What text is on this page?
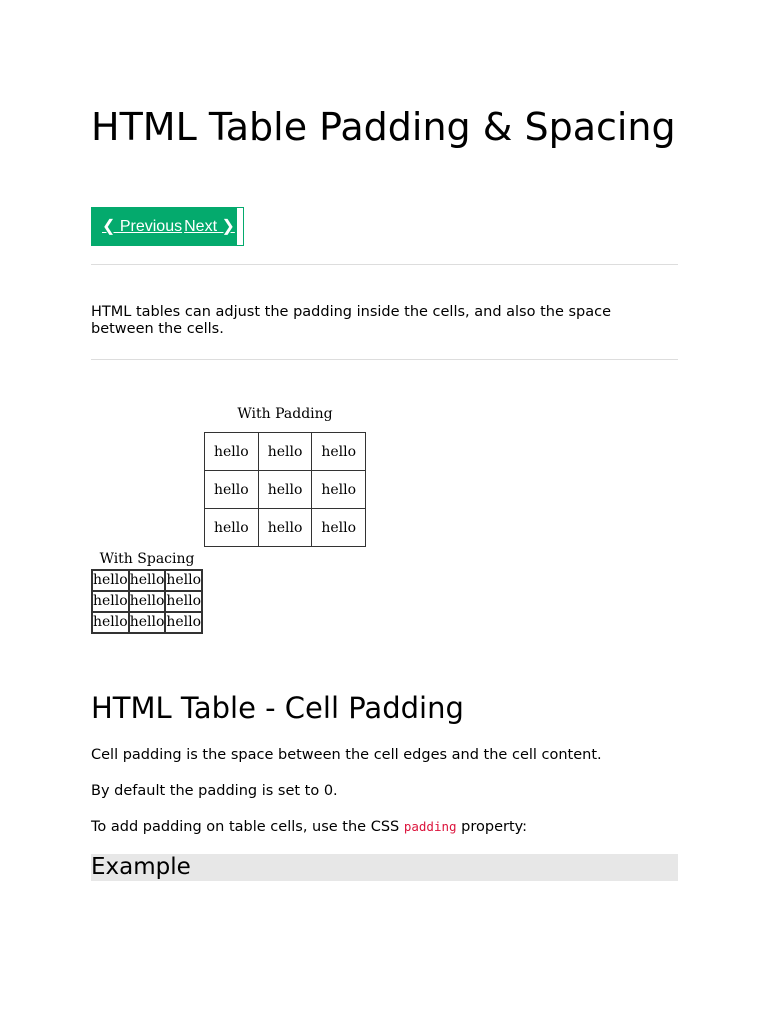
HTML Table Padding & Spacing
❮ Previous Next ❯

HTML tables can adjust the padding inside the cells, and also the space between the cells.

With Padding
hello	hello	hello
hello	hello	hello
hello	hello	hello
With Spacing
hello	hello	hello
hello	hello	hello
hello	hello	hello
HTML Table - Cell Padding

Cell padding is the space between the cell edges and the cell content.

By default the padding is set to 0.

To add padding on table cells, use the CSS padding property:

Example
